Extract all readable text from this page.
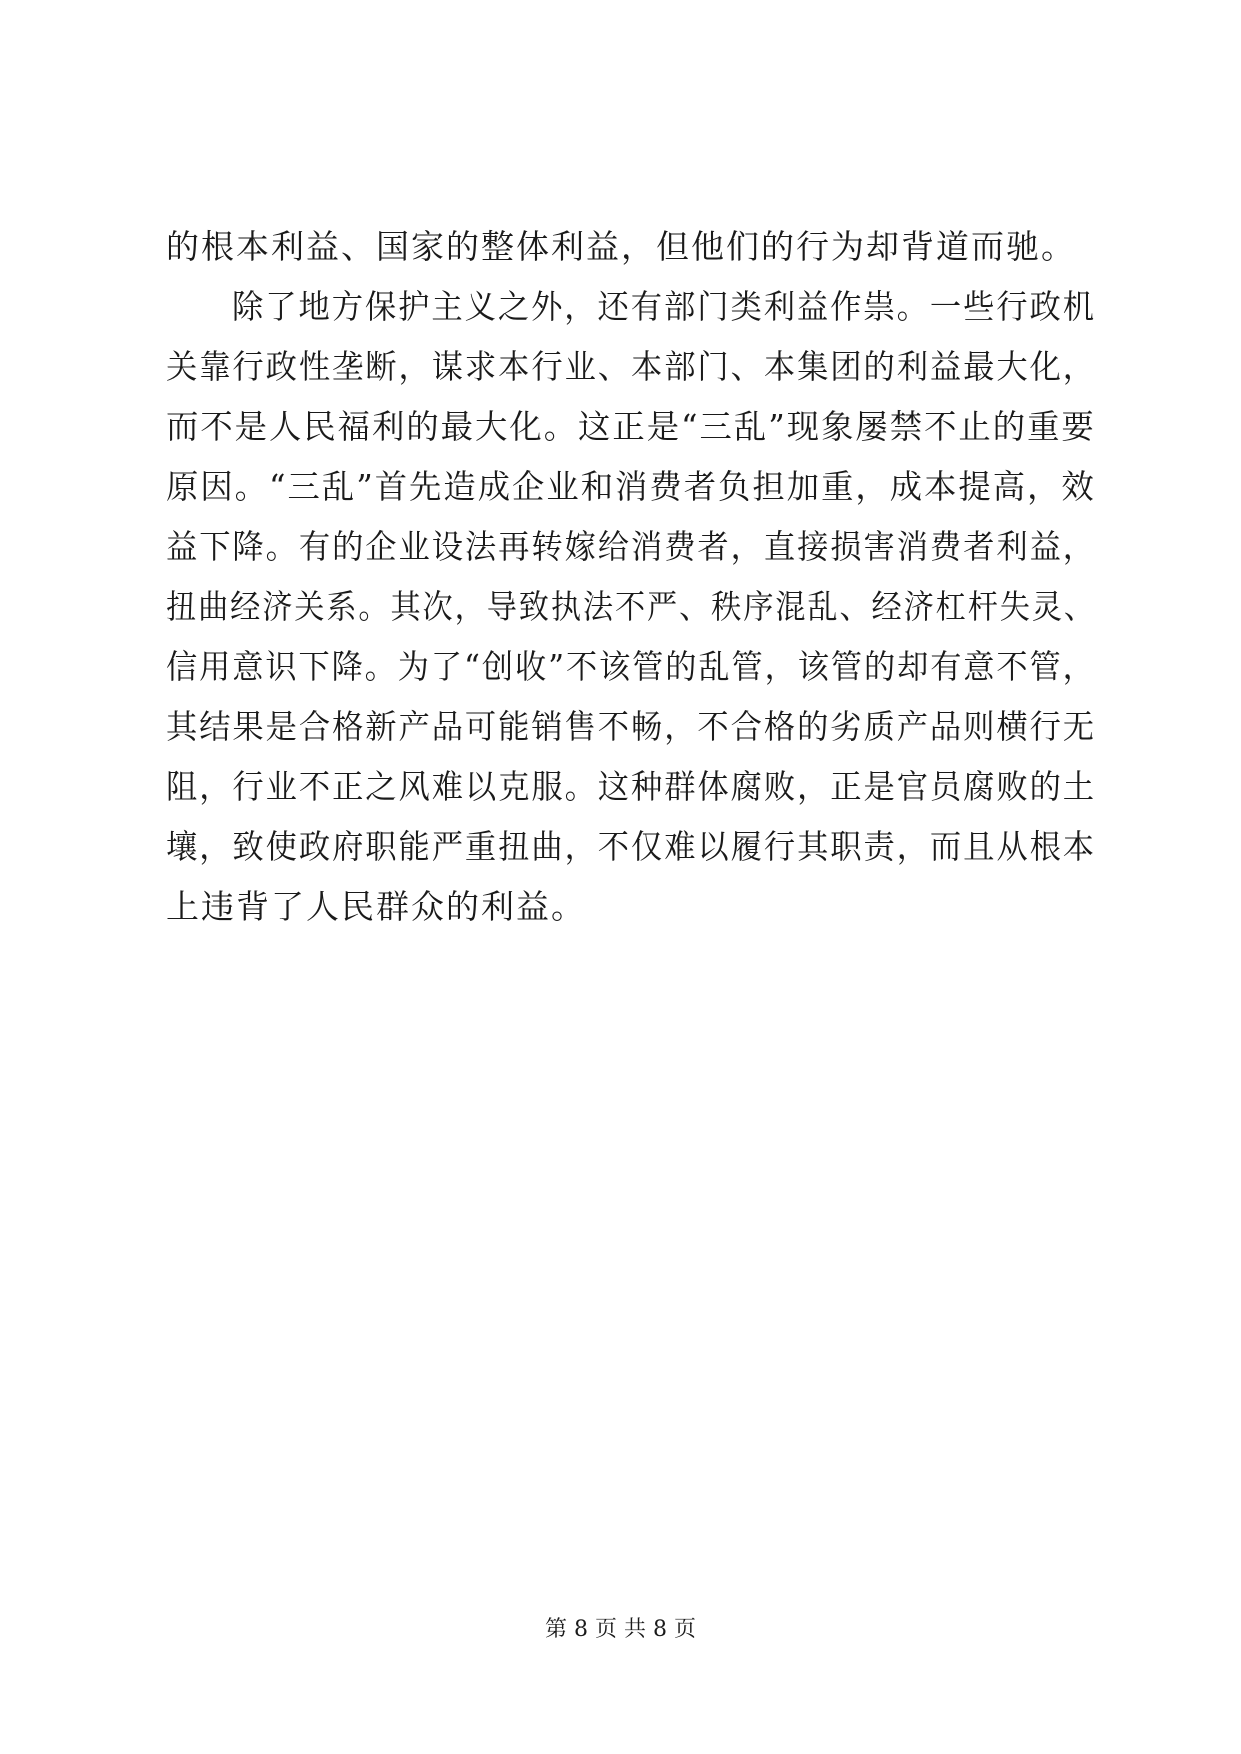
的根本利益、国家的整体利益，但他们的行为却背道而驰。
除了地方保护主义之外，还有部门类利益作祟。一些行政机
关靠行政性垄断，谋求本行业、本部门、本集团的利益最大化，
而不是人民福利的最大化。这正是“三乱”现象屡禁不止的重要
原因。“三乱”首先造成企业和消费者负担加重，成本提高，效
益下降。有的企业设法再转嫁给消费者，直接损害消费者利益，
扭曲经济关系。其次，导致执法不严、秩序混乱、经济杠杆失灵、
信用意识下降。为了“创收”不该管的乱管，该管的却有意不管，
其结果是合格新产品可能销售不畅，不合格的劣质产品则横行无
阻，行业不正之风难以克服。这种群体腐败，正是官员腐败的土
壤，致使政府职能严重扭曲，不仅难以履行其职责，而且从根本
上违背了人民群众的利益。
第 8 页 共 8 页
